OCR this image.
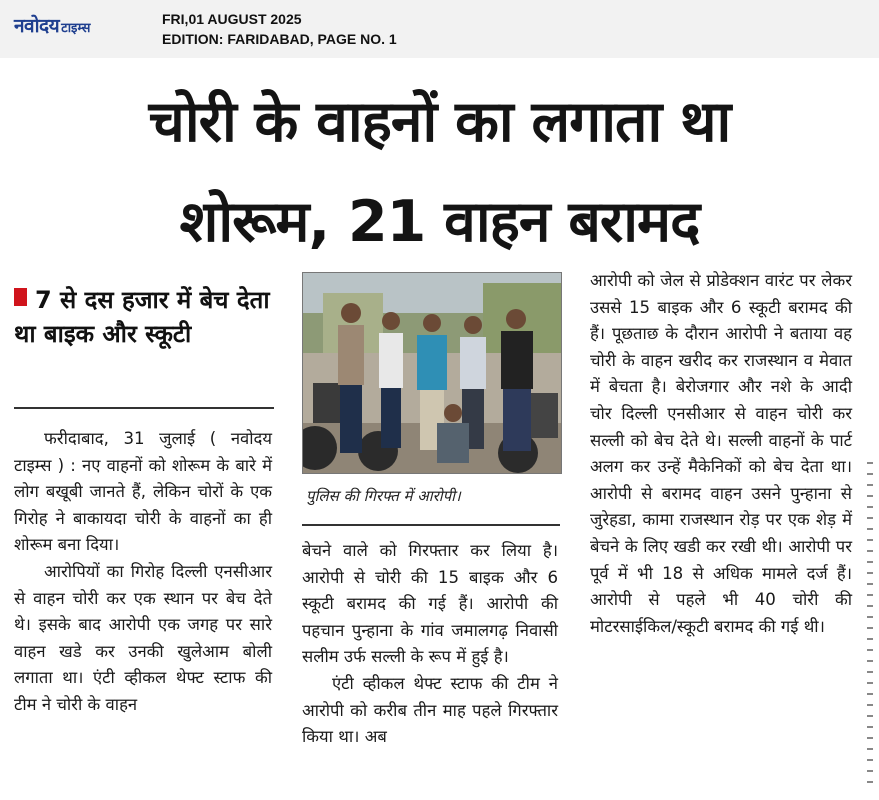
नवोदय टाइम्स
FRI,01 AUGUST 2025
EDITION: FARIDABAD, PAGE NO. 1
चोरी के वाहनों का लगाता था
शोरूम, 21 वाहन बरामद
7 से दस हजार में बेच देता था बाइक और स्कूटी

फरीदाबाद, 31 जुलाई ( नवोदय टाइम्स ) : नए वाहनों को शोरूम के बारे में लोग बखूबी जानते हैं, लेकिन चोरों के एक गिरोह ने बाकायदा चोरी के वाहनों का ही शोरूम बना दिया।

आरोपियों का गिरोह दिल्ली एनसीआर से वाहन चोरी कर एक स्थान पर बेच देते थे। इसके बाद आरोपी एक जगह पर सारे वाहन खडे कर उनकी खुलेआम बोली लगाता था। एंटी व्हीकल थेफ्ट स्टाफ की टीम ने चोरी के वाहन

पुलिस की गिरफ्त में आरोपी।

बेचने वाले को गिरफ्तार कर लिया है। आरोपी से चोरी की 15 बाइक और 6 स्कूटी बरामद की गई हैं। आरोपी की पहचान पुन्हाना के गांव जमालगढ़ निवासी सलीम उर्फ सल्ली के रूप में हुई है।

एंटी व्हीकल थेफ्ट स्टाफ की टीम ने आरोपी को करीब तीन माह पहले गिरफ्तार किया था। अब

आरोपी को जेल से प्रोडेक्शन वारंट पर लेकर उससे 15 बाइक और 6 स्कूटी बरामद की हैं। पूछताछ के दौरान आरोपी ने बताया वह चोरी के वाहन खरीद कर राजस्थान व मेवात में बेचता है। बेरोजगार और नशे के आदी चोर दिल्ली एनसीआर से वाहन चोरी कर सल्ली को बेच देते थे। सल्ली वाहनों के पार्ट अलग कर उन्हें मैकेनिकों को बेच देता था। आरोपी से बरामद वाहन उसने पुन्हाना से जुरेहडा, कामा राजस्थान रोड़ पर एक शेड़ में बेचने के लिए खडी कर रखी थी। आरोपी पर पूर्व में भी 18 से अधिक मामले दर्ज हैं। आरोपी से पहले भी 40 चोरी की मोटरसाईकिल/स्कूटी बरामद की गई थी।
